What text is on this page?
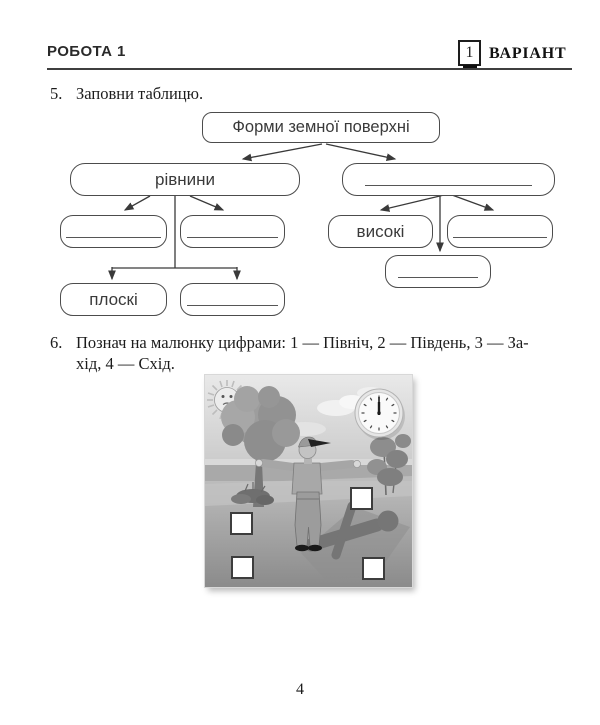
РОБОТА 1	1 ВАРІАНТ
5. Заповни таблицю.
Форми земної поверхні
рівнини
високі
плоскі
6. Познач на малюнку цифрами: 1 — Північ, 2 — Південь, 3 — За-
хід, 4 — Схід.
4
